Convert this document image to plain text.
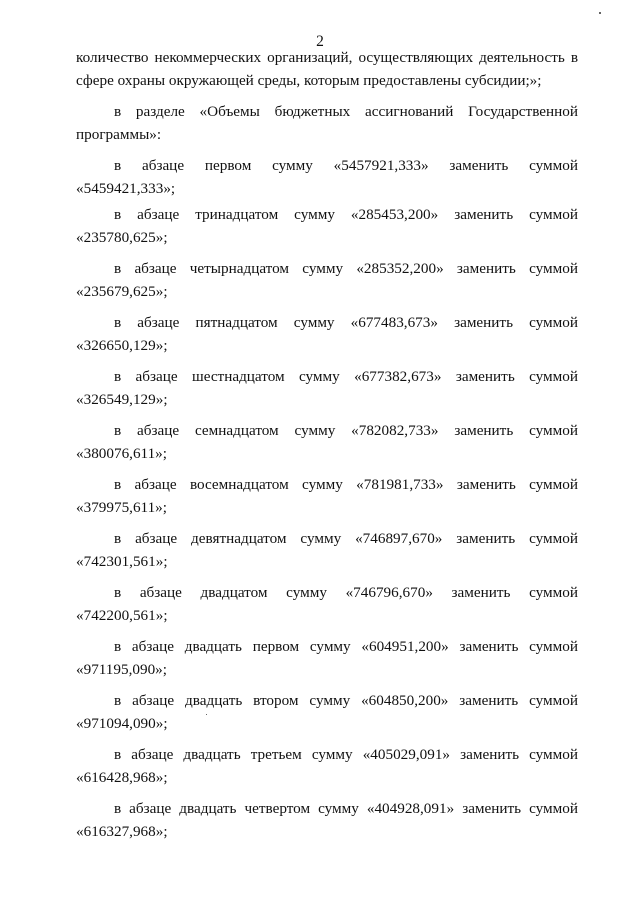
2

количество некоммерческих организаций, осуществляющих деятельность в сфере охраны окружающей среды, которым предоставлены субсидии;»;

в разделе «Объемы бюджетных ассигнований Государственной программы»:

в абзаце первом сумму «5457921,333» заменить суммой «5459421,333»;

в абзаце тринадцатом сумму «285453,200» заменить суммой «235780,625»;

в абзаце четырнадцатом сумму «285352,200» заменить суммой «235679,625»;

в абзаце пятнадцатом сумму «677483,673» заменить суммой «326650,129»;

в абзаце шестнадцатом сумму «677382,673» заменить суммой «326549,129»;

в абзаце семнадцатом сумму «782082,733» заменить суммой «380076,611»;

в абзаце восемнадцатом сумму «781981,733» заменить суммой «379975,611»;

в абзаце девятнадцатом сумму «746897,670» заменить суммой «742301,561»;

в абзаце двадцатом сумму «746796,670» заменить суммой «742200,561»;

в абзаце двадцать первом сумму «604951,200» заменить суммой «971195,090»;

в абзаце двадцать втором сумму «604850,200» заменить суммой «971094,090»;

в абзаце двадцать третьем сумму «405029,091» заменить суммой «616428,968»;

в абзаце двадцать четвертом сумму «404928,091» заменить суммой «616327,968»;
